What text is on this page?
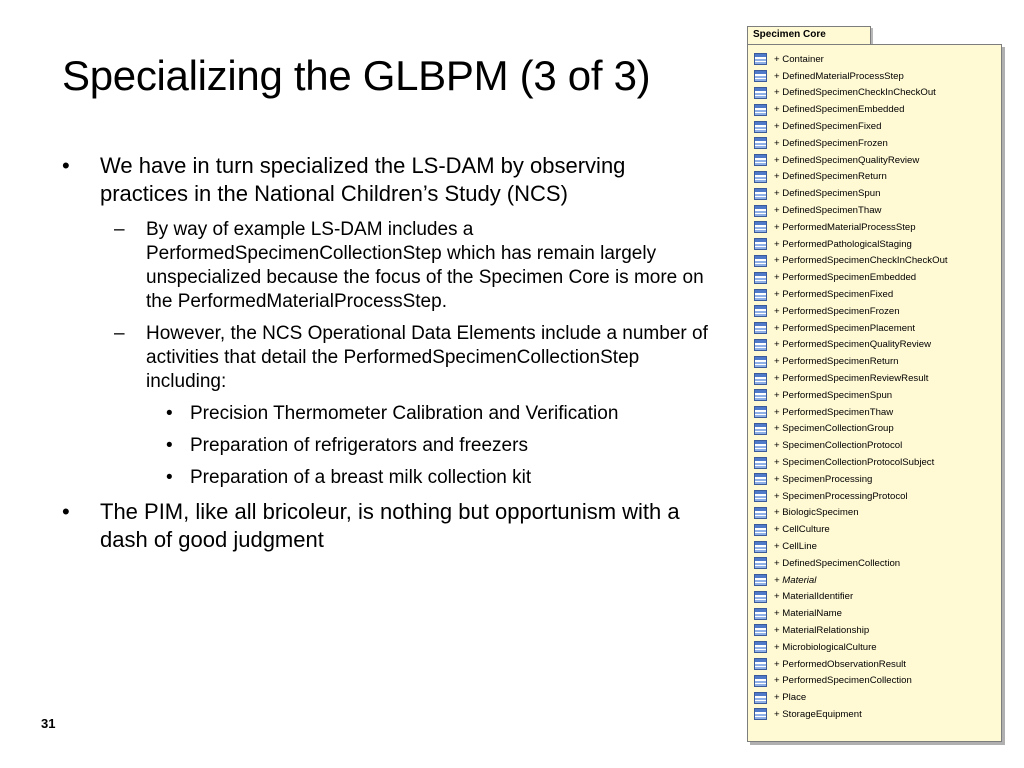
Specializing the GLBPM (3 of 3)
•	We have in turn specialized the LS-DAM by observing practices in the National Children’s Study (NCS)
– By way of example LS-DAM includes a PerformedSpecimenCollectionStep which has remain largely unspecialized because the focus of the Specimen Core is more on the PerformedMaterialProcessStep.
– However, the NCS Operational Data Elements include a number of activities that detail the PerformedSpecimenCollectionStep including:
• Precision Thermometer Calibration and Verification
• Preparation of refrigerators and freezers
• Preparation of a breast milk collection kit
•	The PIM, like all bricoleur, is nothing but opportunism with a dash of good judgment
Specimen Core
+ Container
+ DefinedMaterialProcessStep
+ DefinedSpecimenCheckInCheckOut
+ DefinedSpecimenEmbedded
+ DefinedSpecimenFixed
+ DefinedSpecimenFrozen
+ DefinedSpecimenQualityReview
+ DefinedSpecimenReturn
+ DefinedSpecimenSpun
+ DefinedSpecimenThaw
+ PerformedMaterialProcessStep
+ PerformedPathologicalStaging
+ PerformedSpecimenCheckInCheckOut
+ PerformedSpecimenEmbedded
+ PerformedSpecimenFixed
+ PerformedSpecimenFrozen
+ PerformedSpecimenPlacement
+ PerformedSpecimenQualityReview
+ PerformedSpecimenReturn
+ PerformedSpecimenReviewResult
+ PerformedSpecimenSpun
+ PerformedSpecimenThaw
+ SpecimenCollectionGroup
+ SpecimenCollectionProtocol
+ SpecimenCollectionProtocolSubject
+ SpecimenProcessing
+ SpecimenProcessingProtocol
+ BiologicSpecimen
+ CellCulture
+ CellLine
+ DefinedSpecimenCollection
+ Material
+ MaterialIdentifier
+ MaterialName
+ MaterialRelationship
+ MicrobiologicalCulture
+ PerformedObservationResult
+ PerformedSpecimenCollection
+ Place
+ StorageEquipment
31
